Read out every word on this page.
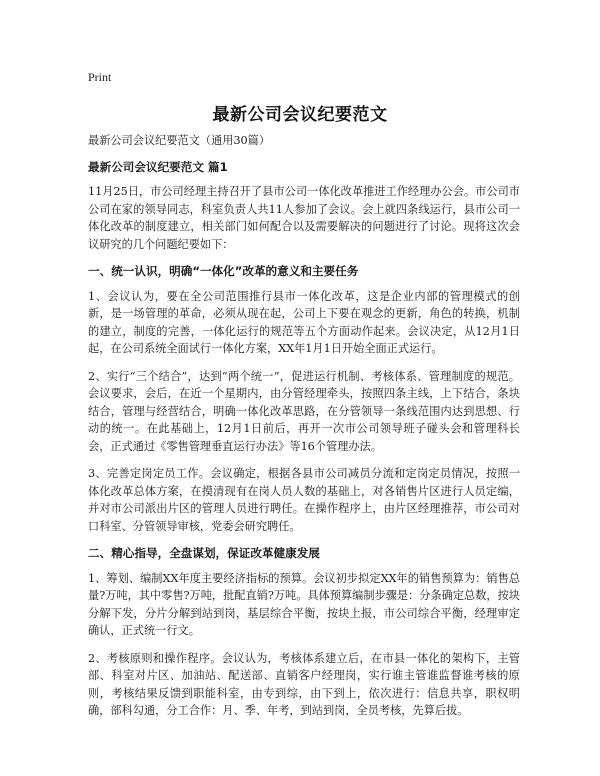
Print
最新公司会议纪要范文

最新公司会议纪要范文（通用30篇）

最新公司会议纪要范文 篇1

11月25日，市公司经理主持召开了县市公司一体化改革推进工作经理办公会。市公司市公司在家的领导同志，科室负责人共11人参加了会议。会上就四条线运行，县市公司一体化改革的制度建立，相关部门如何配合以及需要解决的问题进行了讨论。现将这次会议研究的几个问题纪要如下：

一、统一认识，明确“一体化”改革的意义和主要任务

1、会议认为，要在全公司范围推行县市一体化改革，这是企业内部的管理模式的创新，是一场管理的革命，必须从现在起，公司上下要在观念的更新，角色的转换，机制的建立，制度的完善，一体化运行的规范等五个方面动作起来。会议决定，从12月1日起，在公司系统全面试行一体化方案，XX年1月1日开始全面正式运行。

2、实行“三个结合”，达到“两个统一”，促进运行机制、考核体系、管理制度的规范。会议要求，会后，在近一个星期内，由分管经理牵头，按照四条主线，上下结合，条块结合，管理与经营结合，明确一体化改革思路，在分管领导一条线范围内达到思想、行动的统一。在此基础上，12月1日前后，再开一次市公司领导班子碰头会和管理科长会，正式通过《零售管理垂直运行办法》等16个管理办法。

3、完善定岗定员工作。会议确定，根据各县市公司减员分流和定岗定员情况，按照一体化改革总体方案，在摸清现有在岗人员人数的基础上，对各销售片区进行人员定编，并对市公司派出片区的管理人员进行聘任。在操作程序上，由片区经理推荐，市公司对口科室、分管领导审核，党委会研究聘任。

二、精心指导，全盘谋划，保证改革健康发展

1、筹划、编制XX年度主要经济指标的预算。会议初步拟定XX年的销售预算为：销售总量?万吨，其中零售?万吨，批配直销?万吨。具体预算编制步骤是：分条确定总数，按块分解下发，分片分解到站到岗，基层综合平衡，按块上报，市公司综合平衡，经理审定确认，正式统一行文。

2、考核原则和操作程序。会议认为，考核体系建立后，在市县一体化的架构下，主管部、科室对片区、加油站、配送部、直销客户经理岗，实行谁主管谁监督谁考核的原则，考核结果反馈到职能科室，由专到综，由下到上，依次进行：信息共享，职权明确，部科勾通，分工合作：月、季、年考，到站到岗，全员考核，先算后拔。
